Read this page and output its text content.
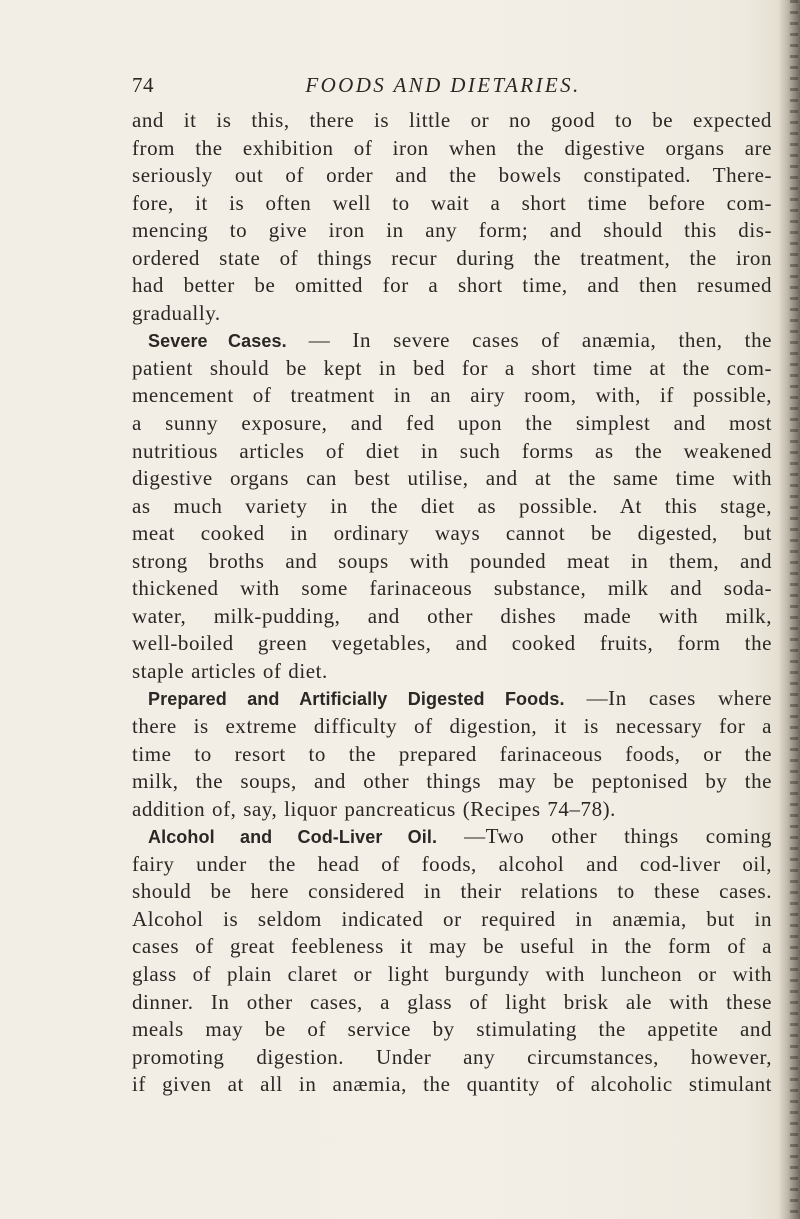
74	FOODS AND DIETARIES.
and it is this, there is little or no good to be expected
from the exhibition of iron when the digestive organs are
seriously out of order and the bowels constipated. There-
fore, it is often well to wait a short time before com-
mencing to give iron in any form; and should this dis-
ordered state of things recur during the treatment, the iron
had better be omitted for a short time, and then resumed
gradually.
Severe Cases. — In severe cases of anæmia, then, the
patient should be kept in bed for a short time at the com-
mencement of treatment in an airy room, with, if possible,
a sunny exposure, and fed upon the simplest and most
nutritious articles of diet in such forms as the weakened
digestive organs can best utilise, and at the same time with
as much variety in the diet as possible. At this stage,
meat cooked in ordinary ways cannot be digested, but
strong broths and soups with pounded meat in them, and
thickened with some farinaceous substance, milk and soda-
water, milk-pudding, and other dishes made with milk,
well-boiled green vegetables, and cooked fruits, form the
staple articles of diet.
Prepared and Artificially Digested Foods. —In cases where
there is extreme difficulty of digestion, it is necessary for a
time to resort to the prepared farinaceous foods, or the
milk, the soups, and other things may be peptonised by the
addition of, say, liquor pancreaticus (Recipes 74–78).
Alcohol and Cod-Liver Oil. —Two other things coming
fairy under the head of foods, alcohol and cod-liver oil,
should be here considered in their relations to these cases.
Alcohol is seldom indicated or required in anæmia, but in
cases of great feebleness it may be useful in the form of a
glass of plain claret or light burgundy with luncheon or with
dinner. In other cases, a glass of light brisk ale with these
meals may be of service by stimulating the appetite and
promoting digestion. Under any circumstances, however,
if given at all in anæmia, the quantity of alcoholic stimulant
